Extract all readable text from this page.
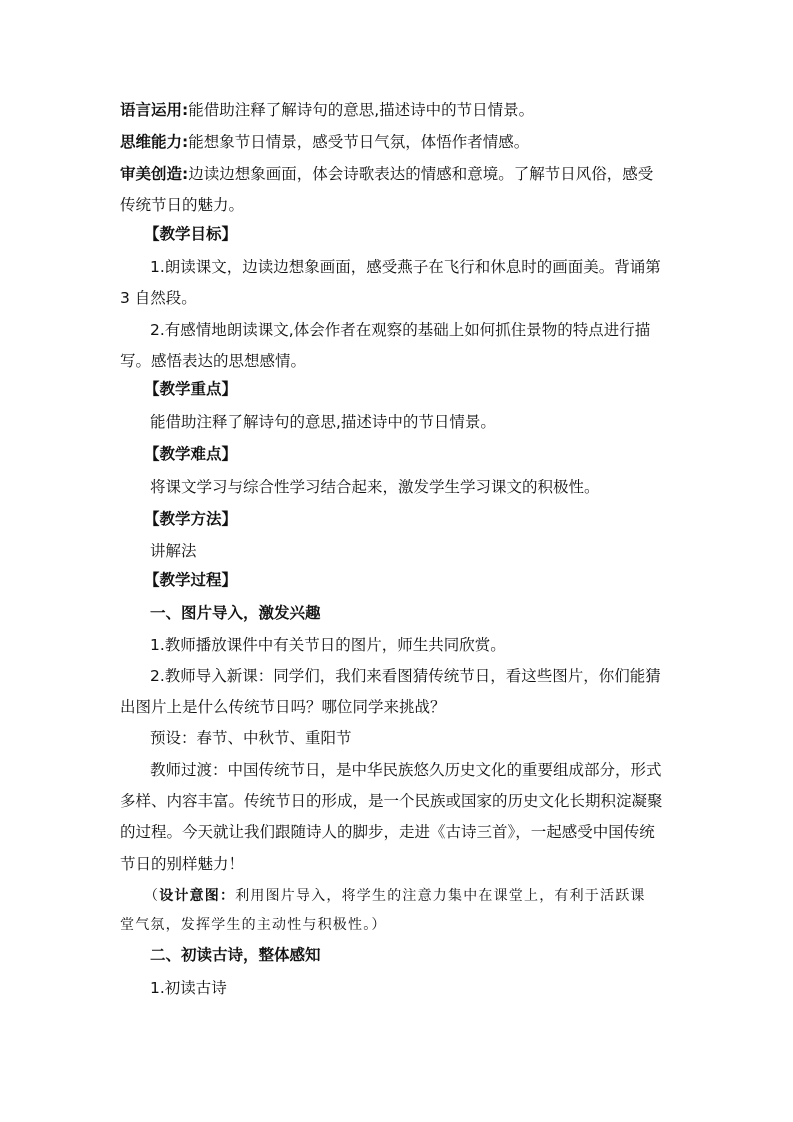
语言运用:能借助注释了解诗句的意思,描述诗中的节日情景。
思维能力:能想象节日情景，感受节日气氛，体悟作者情感。
审美创造:边读边想象画面，体会诗歌表达的情感和意境。了解节日风俗，感受
传统节日的魅力。
【教学目标】
1.朗读课文，边读边想象画面，感受燕子在飞行和休息时的画面美。背诵第
3 自然段。
2.有感情地朗读课文,体会作者在观察的基础上如何抓住景物的特点进行描
写。感悟表达的思想感情。
【教学重点】
能借助注释了解诗句的意思,描述诗中的节日情景。
【教学难点】
将课文学习与综合性学习结合起来，激发学生学习课文的积极性。
【教学方法】
讲解法
【教学过程】
一、图片导入，激发兴趣
1.教师播放课件中有关节日的图片，师生共同欣赏。
2.教师导入新课：同学们，我们来看图猜传统节日，看这些图片，你们能猜
出图片上是什么传统节日吗？哪位同学来挑战？
预设：春节、中秋节、重阳节
教师过渡：中国传统节日，是中华民族悠久历史文化的重要组成部分，形式
多样、内容丰富。传统节日的形成，是一个民族或国家的历史文化长期积淀凝聚
的过程。今天就让我们跟随诗人的脚步，走进《古诗三首》，一起感受中国传统
节日的别样魅力！
（设计意图：利用图片导入，将学生的注意力集中在课堂上，有利于活跃课
堂气氛，发挥学生的主动性与积极性。）
二、初读古诗，整体感知
1.初读古诗
